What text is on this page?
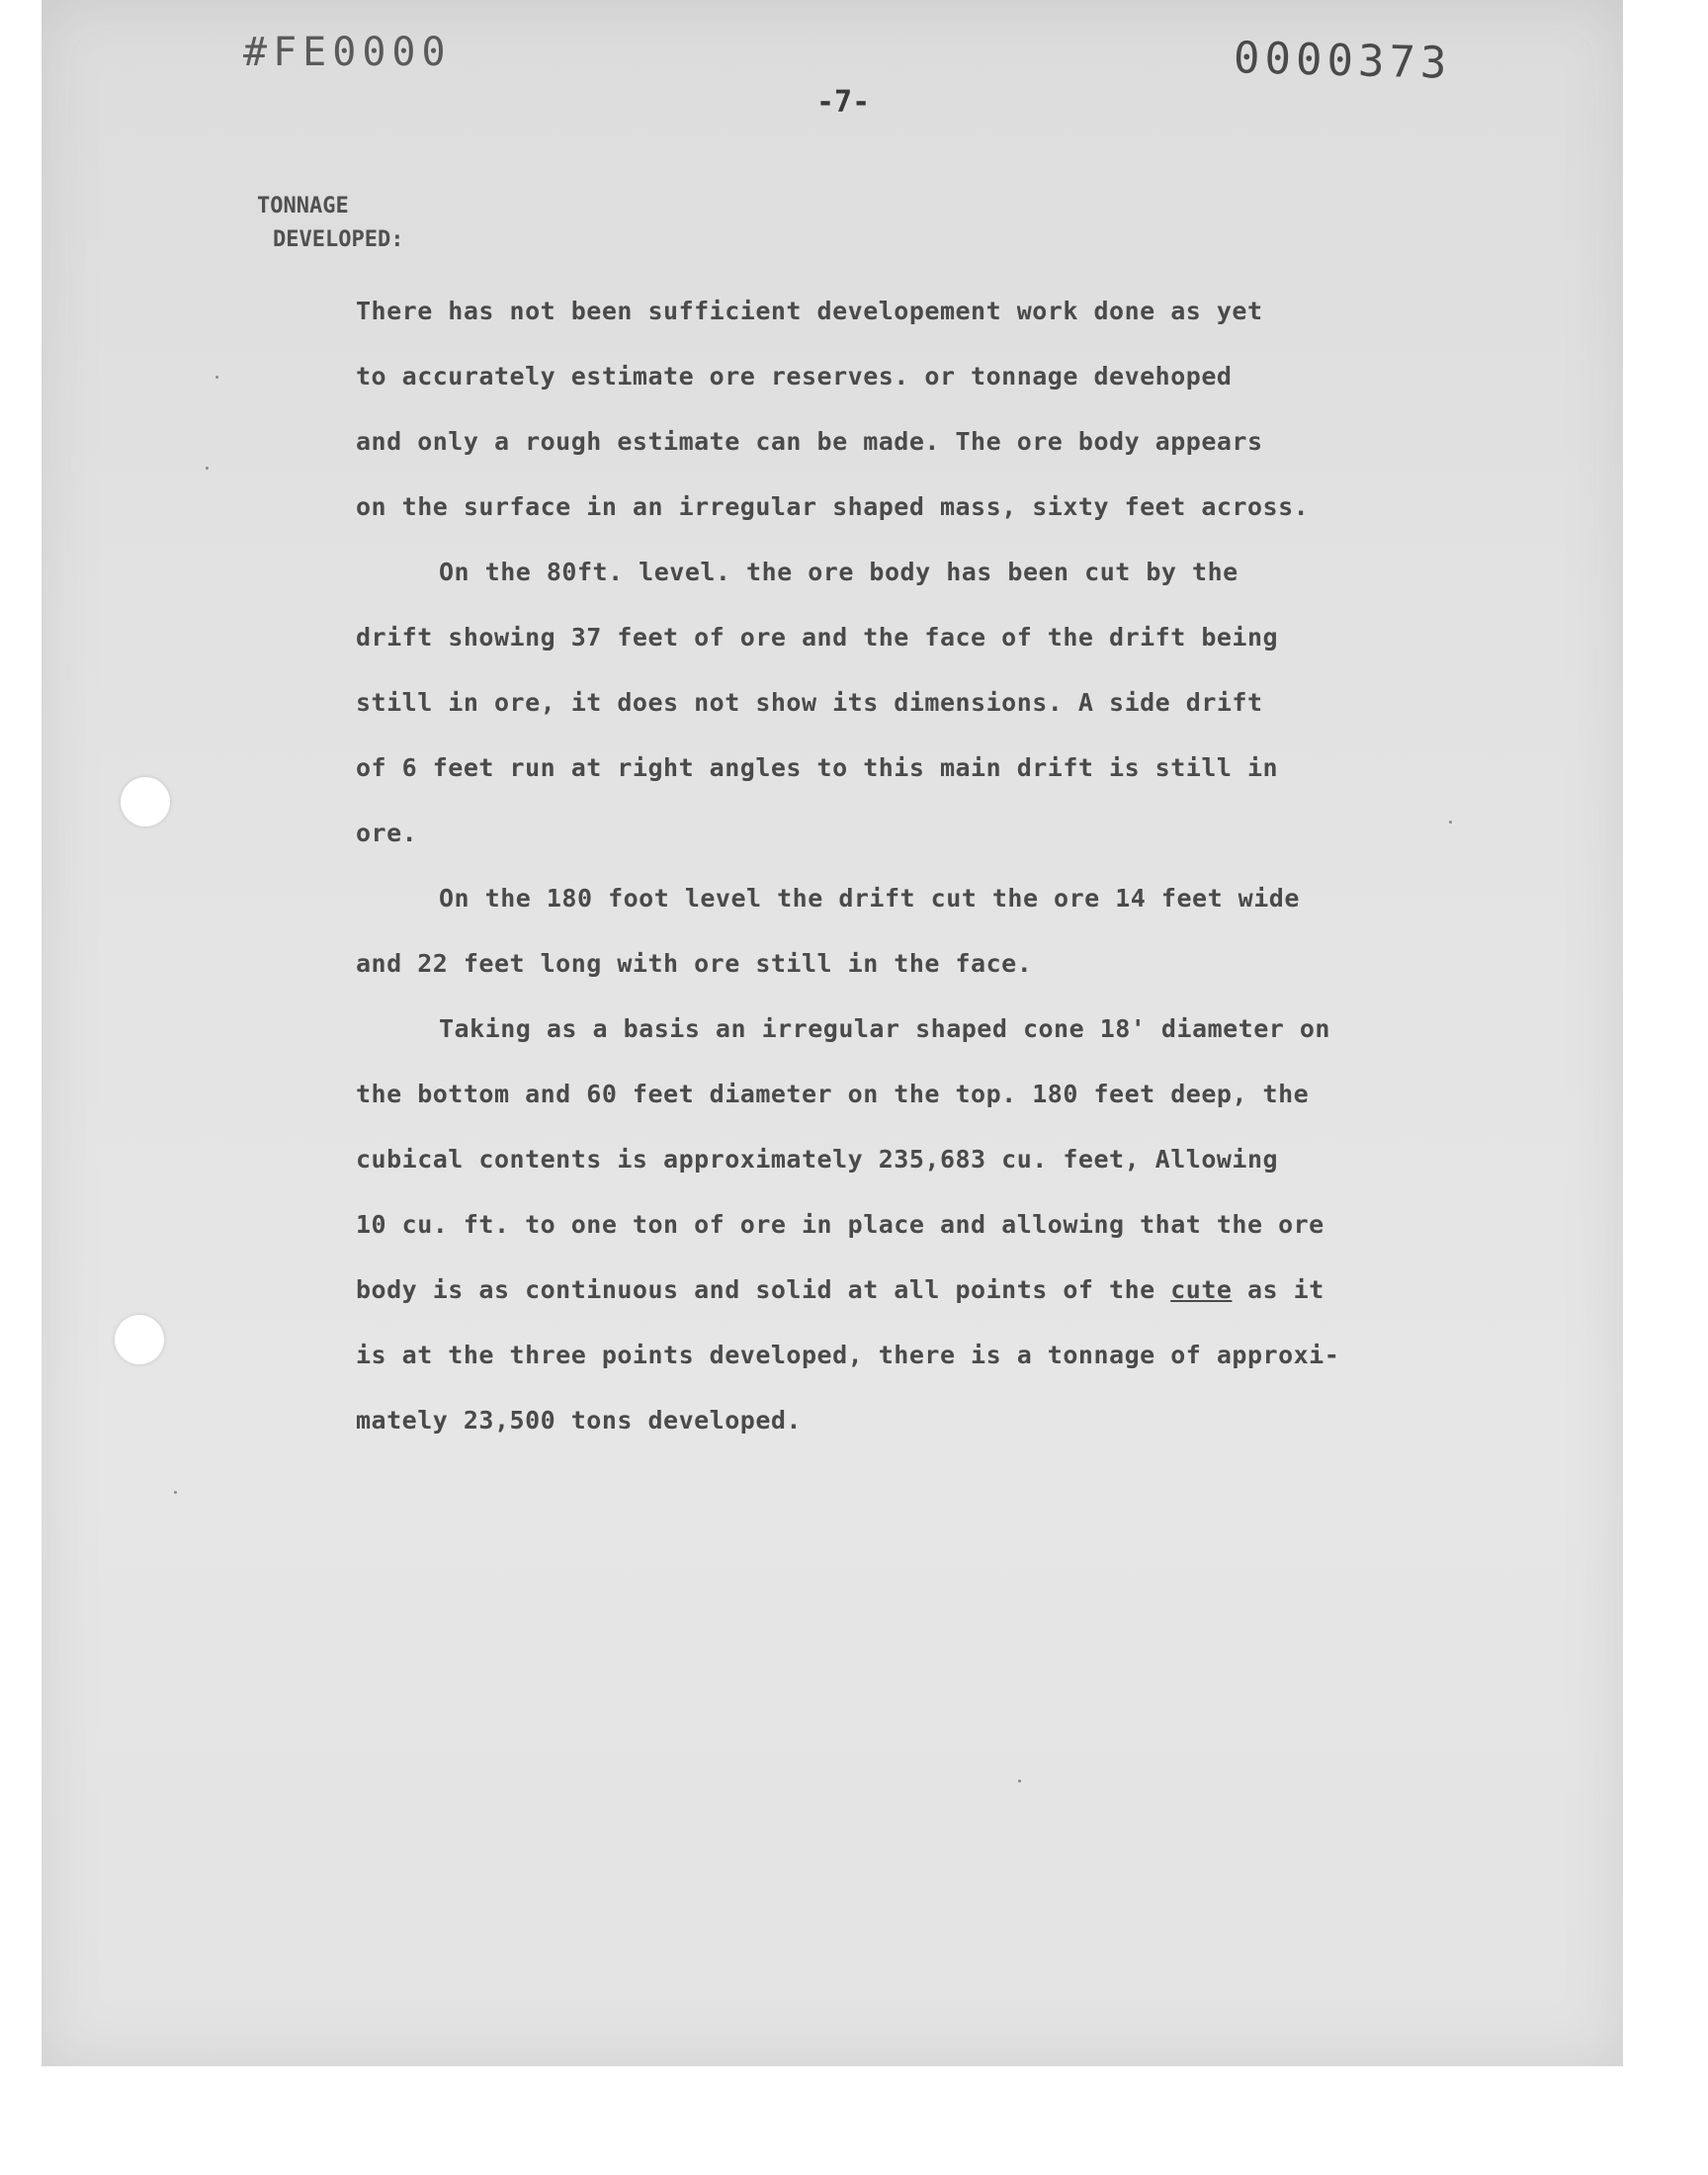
#FE0000	0000373
-7-
TONNAGE
DEVELOPED:

There has not been sufficient developement work done as yet
to accurately estimate ore reserves. or tonnage devehoped
and only a rough estimate can be made. The ore body appears
on the surface in an irregular shaped mass, sixty feet across.

On the 80ft. level. the ore body has been cut by the
drift showing 37 feet of ore and the face of the drift being
still in ore, it does not show its dimensions. A side drift
of 6 feet run at right angles to this main drift is still in
ore.

On the 180 foot level the drift cut the ore 14 feet wide
and 22 feet long with ore still in the face.

Taking as a basis an irregular shaped cone 18' diameter on
the bottom and 60 feet diameter on the top. 180 feet deep, the
cubical contents is approximately 235,683 cu. feet, Allowing
10 cu. ft. to one ton of ore in place and allowing that the ore
body is as continuous and solid at all points of the cute as it
is at the three points developed, there is a tonnage of approxi-
mately 23,500 tons developed.
